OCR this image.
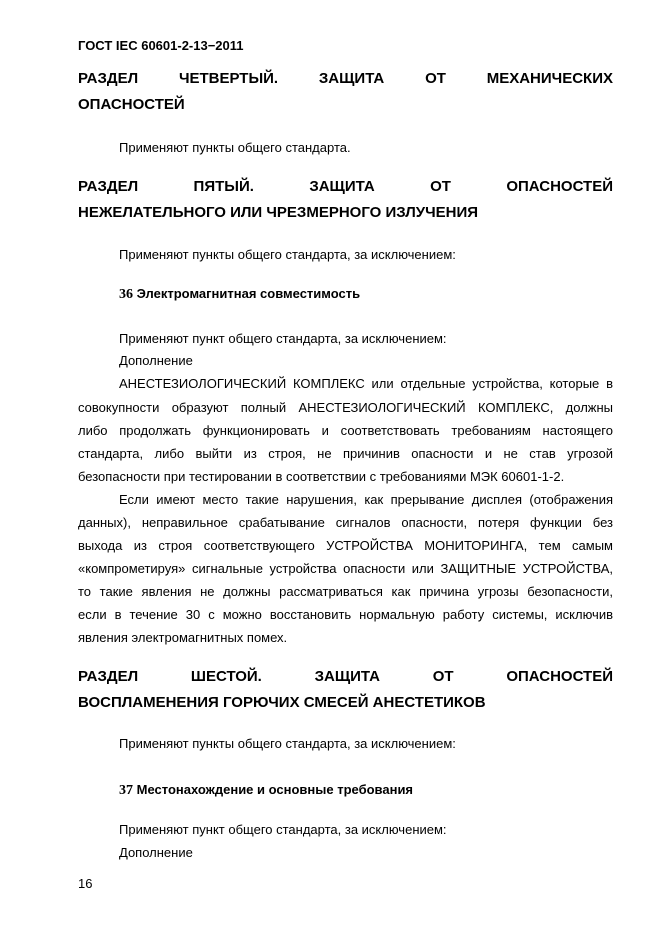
ГОСТ IEC 60601-2-13−2011
РАЗДЕЛ ЧЕТВЕРТЫЙ. ЗАЩИТА ОТ МЕХАНИЧЕСКИХ
ОПАСНОСТЕЙ
Применяют пункты общего стандарта.
РАЗДЕЛ ПЯТЫЙ. ЗАЩИТА ОТ ОПАСНОСТЕЙ
НЕЖЕЛАТЕЛЬНОГО ИЛИ ЧРЕЗМЕРНОГО ИЗЛУЧЕНИЯ
Применяют пункты общего стандарта, за исключением:
36 Электромагнитная совместимость
Применяют пункт общего стандарта, за исключением:
Дополнение
АНЕСТЕЗИОЛОГИЧЕСКИЙ КОМПЛЕКС или отдельные устройства, которые в
совокупности образуют полный АНЕСТЕЗИОЛОГИЧЕСКИЙ КОМПЛЕКС, должны
либо продолжать функционировать и соответствовать требованиям настоящего
стандарта, либо выйти из строя, не причинив опасности и не став угрозой
безопасности при тестировании в соответствии с требованиями МЭК 60601-1-2.
Если имеют место такие нарушения, как прерывание дисплея (отображения
данных), неправильное срабатывание сигналов опасности, потеря функции без
выхода из строя соответствующего УСТРОЙСТВА МОНИТОРИНГА, тем самым
«компрометируя» сигнальные устройства опасности или ЗАЩИТНЫЕ УСТРОЙСТВА,
то такие явления не должны рассматриваться как причина угрозы безопасности,
если в течение 30 с можно восстановить нормальную работу системы, исключив
явления электромагнитных помех.
РАЗДЕЛ ШЕСТОЙ. ЗАЩИТА ОТ ОПАСНОСТЕЙ
ВОСПЛАМЕНЕНИЯ ГОРЮЧИХ СМЕСЕЙ АНЕСТЕТИКОВ
Применяют пункты общего стандарта, за исключением:
37 Местонахождение и основные требования
Применяют пункт общего стандарта, за исключением:
Дополнение
16
